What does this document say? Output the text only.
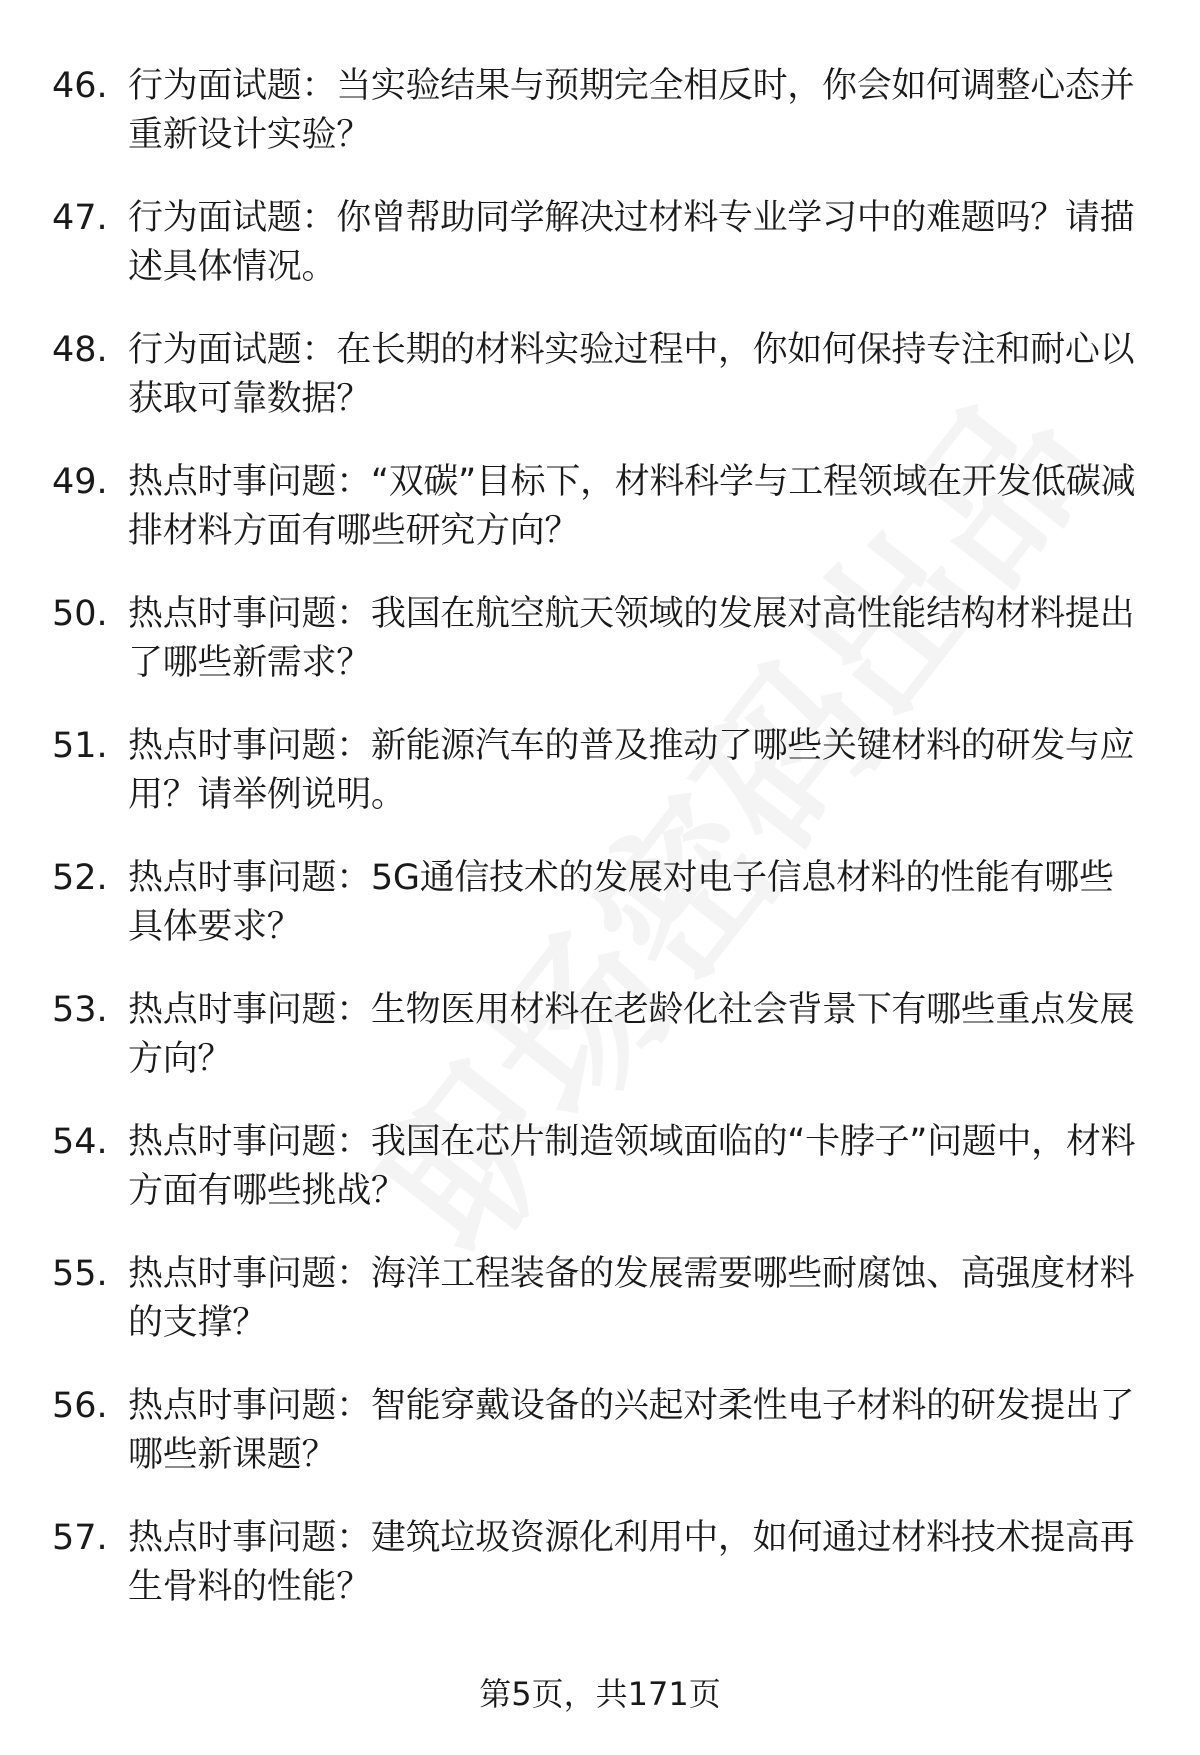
46. 行为面试题：当实验结果与预期完全相反时，你会如何调整心态并重新设计实验？
47. 行为面试题：你曾帮助同学解决过材料专业学习中的难题吗？请描述具体情况。
48. 行为面试题：在长期的材料实验过程中，你如何保持专注和耐心以获取可靠数据？
49. 热点时事问题：“双碳”目标下，材料科学与工程领域在开发低碳减排材料方面有哪些研究方向？
50. 热点时事问题：我国在航空航天领域的发展对高性能结构材料提出了哪些新需求？
51. 热点时事问题：新能源汽车的普及推动了哪些关键材料的研发与应用？请举例说明。
52. 热点时事问题：5G通信技术的发展对电子信息材料的性能有哪些具体要求？
53. 热点时事问题：生物医用材料在老龄化社会背景下有哪些重点发展方向？
54. 热点时事问题：我国在芯片制造领域面临的“卡脖子”问题中，材料方面有哪些挑战？
55. 热点时事问题：海洋工程装备的发展需要哪些耐腐蚀、高强度材料的支撑？
56. 热点时事问题：智能穿戴设备的兴起对柔性电子材料的研发提出了哪些新课题？
57. 热点时事问题：建筑垃圾资源化利用中，如何通过材料技术提高再生骨料的性能？
第5页，共171页
